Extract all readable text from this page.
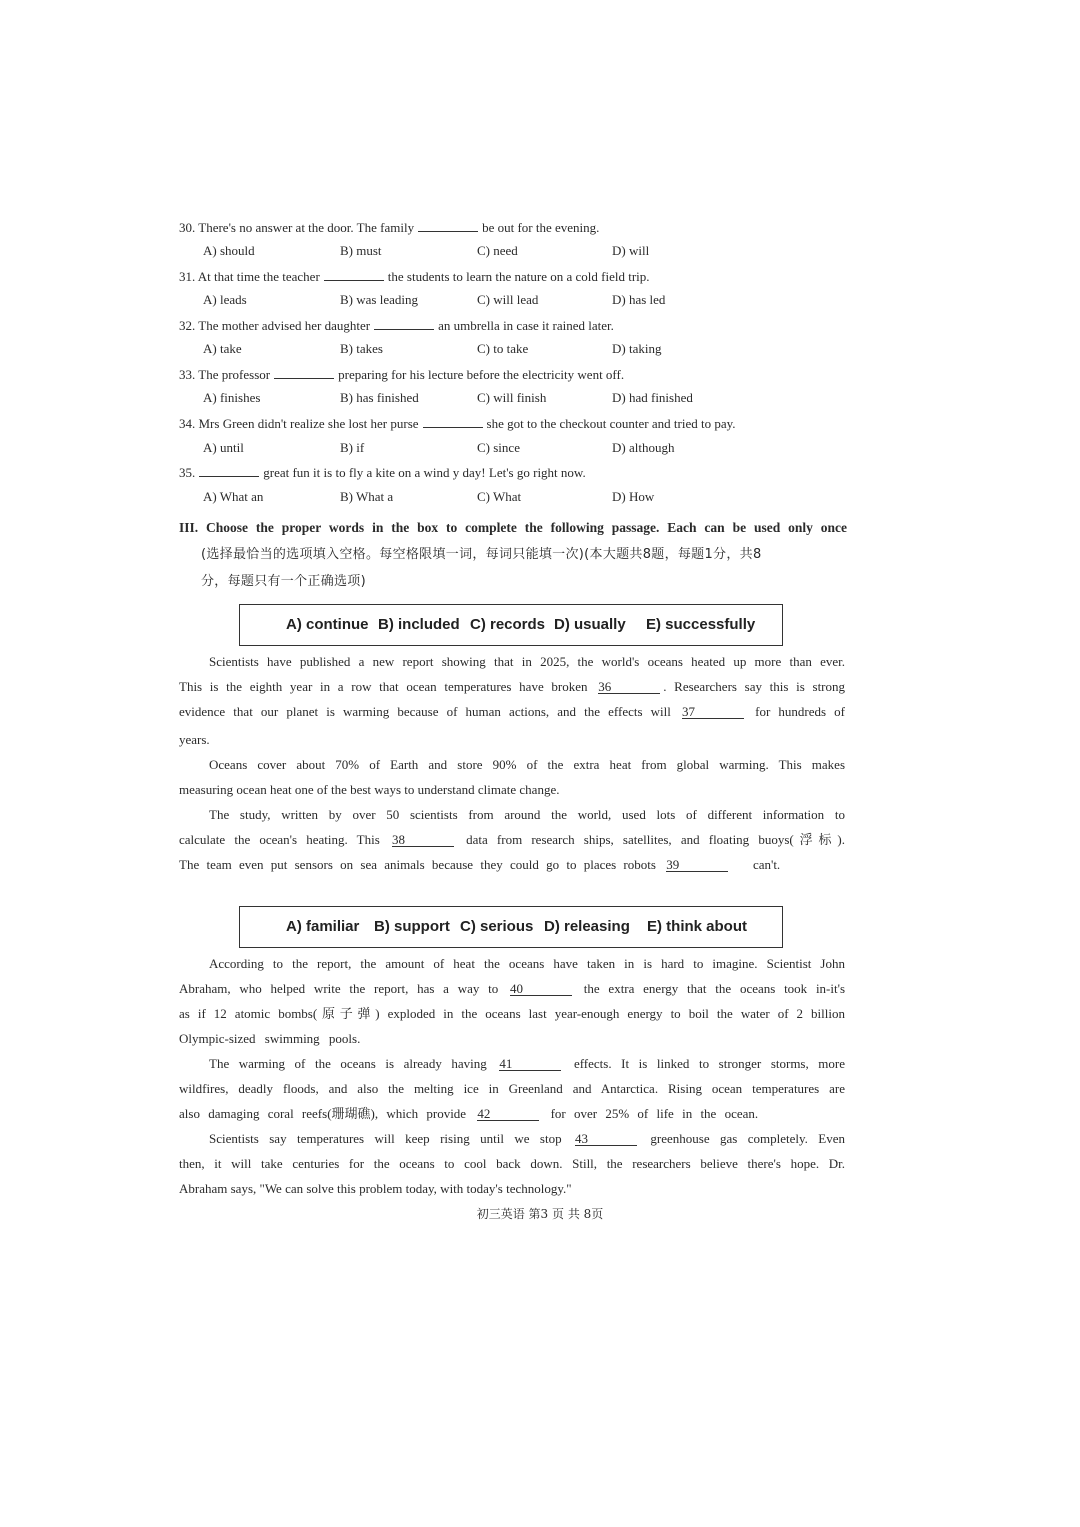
30. There's no answer at the door. The family	be out for the evening.
A) should	B) must	C) need	D) will
31. At that time the teacher	the students to learn the nature on a cold field trip.
A) leads	B) was leading	C) will lead	D) has led
32. The mother advised her daughter	an umbrella in case it rained later.
A) take	B) takes	C) to take	D) taking
33. The professor	preparing for his lecture before the electricity went off.
A) finishes	B) has finished	C) will finish	D) had finished
34. Mrs Green didn't realize she lost her purse	she got to the checkout counter and tried to pay.
A) until	B) if	C) since	D) although
35.	great fun it is to fly a kite on a wind y day! Let's go right now.
A) What an	B) What a	C) What	D) How
III. Choose the proper words in the box to complete the following passage. Each can be used only once
(选择最恰当的选项填入空格。每空格限填一词，每词只能填一次)(本大题共8题，每题1分，共8
分，每题只有一个正确选项)
A) continue B) included C) records D) usually E) successfully
Scientists have published a new report showing that in 2025, the world's oceans heated up more than ever.
This is the eighth year in a row that ocean temperatures have broken 36	. Researchers say this is strong
evidence that our planet is warming because of human actions, and the effects will 37	for hundreds of
years.
Oceans cover about 70% of Earth and store 90% of the extra heat from global warming. This makes
measuring ocean heat one of the best ways to understand climate change.
The study, written by over 50 scientists from around the world, used lots of different information to
calculate the ocean's heating. This 38	data from research ships, satellites, and floating buoys(浮标).
The team even put sensors on sea animals because they could go to places robots 39	can't.
A) familiar B) support C) serious D) releasing E) think about
According to the report, the amount of heat the oceans have taken in is hard to imagine. Scientist John
Abraham, who helped write the report, has a way to 40	the extra energy that the oceans took in-it's
as if 12 atomic bombs(原子弹) exploded in the oceans last year-enough energy to boil the water of 2 billion
Olympic-sized swimming pools.
The warming of the oceans is already having 41	effects. It is linked to stronger storms, more
wildfires, deadly floods, and also the melting ice in Greenland and Antarctica. Rising ocean temperatures are
also damaging coral reefs(珊瑚礁), which provide 42	for over 25% of life in the ocean.
Scientists say temperatures will keep rising until we stop 43	greenhouse gas completely. Even
then, it will take centuries for the oceans to cool back down. Still, the researchers believe there's hope. Dr.
Abraham says, "We can solve this problem today, with today's technology."
初三英语 第3 页 共 8页
